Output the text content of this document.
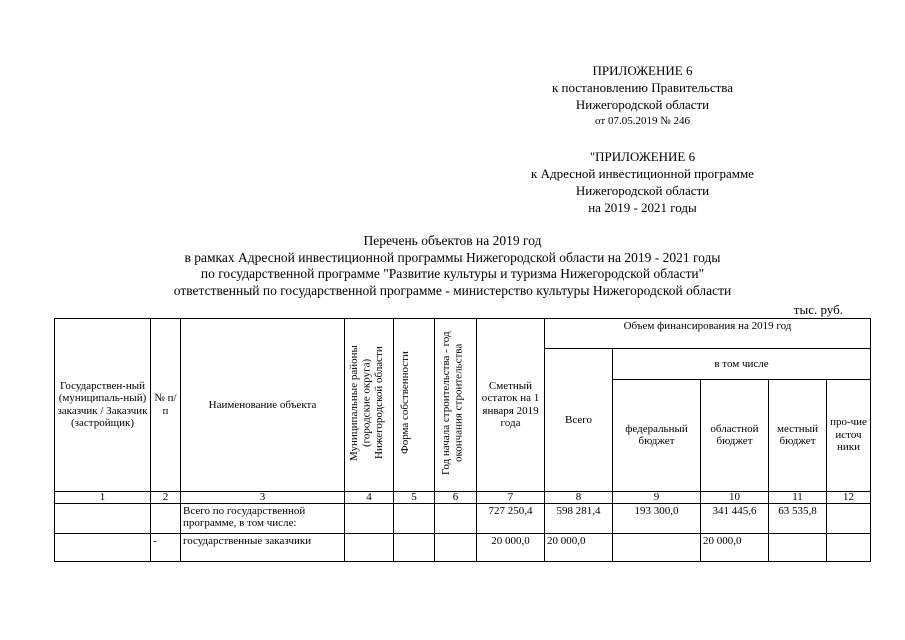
ПРИЛОЖЕНИЕ 6
к постановлению Правительства
Нижегородской области
от 07.05.2019 № 246
"ПРИЛОЖЕНИЕ 6
к Адресной инвестиционной программе
Нижегородской области
на 2019 - 2021 годы
Перечень объектов на 2019 год
в рамках Адресной инвестиционной программы Нижегородской области на 2019 - 2021 годы
по государственной программе "Развитие культуры и туризма Нижегородской области"
ответственный по государственной программе - министерство культуры Нижегородской области
тыс. руб.
Государствен-ный (муниципаль-ный) заказчик / Заказчик (застройщик)	№ п/п	Наименование объекта	Муниципальные районы (городские округа) Нижегородской области	Форма собственности	Год начала строительства - год окончания строительства	Сметный остаток на 1 января 2019 года	Объем финансирования на 2019 год				
							Всего	в том числе			
								федеральный бюджет	областной бюджет	местный бюджет	про-чие источ ники
1	2	3	4	5	6	7	8	9	10	11	12
		Всего по государственной программе, в том числе:				727 250,4	598 281,4	193 300,0	341 445,6	63 535,8	
	-	государственные заказчики				20 000,0	20 000,0		20 000,0		
